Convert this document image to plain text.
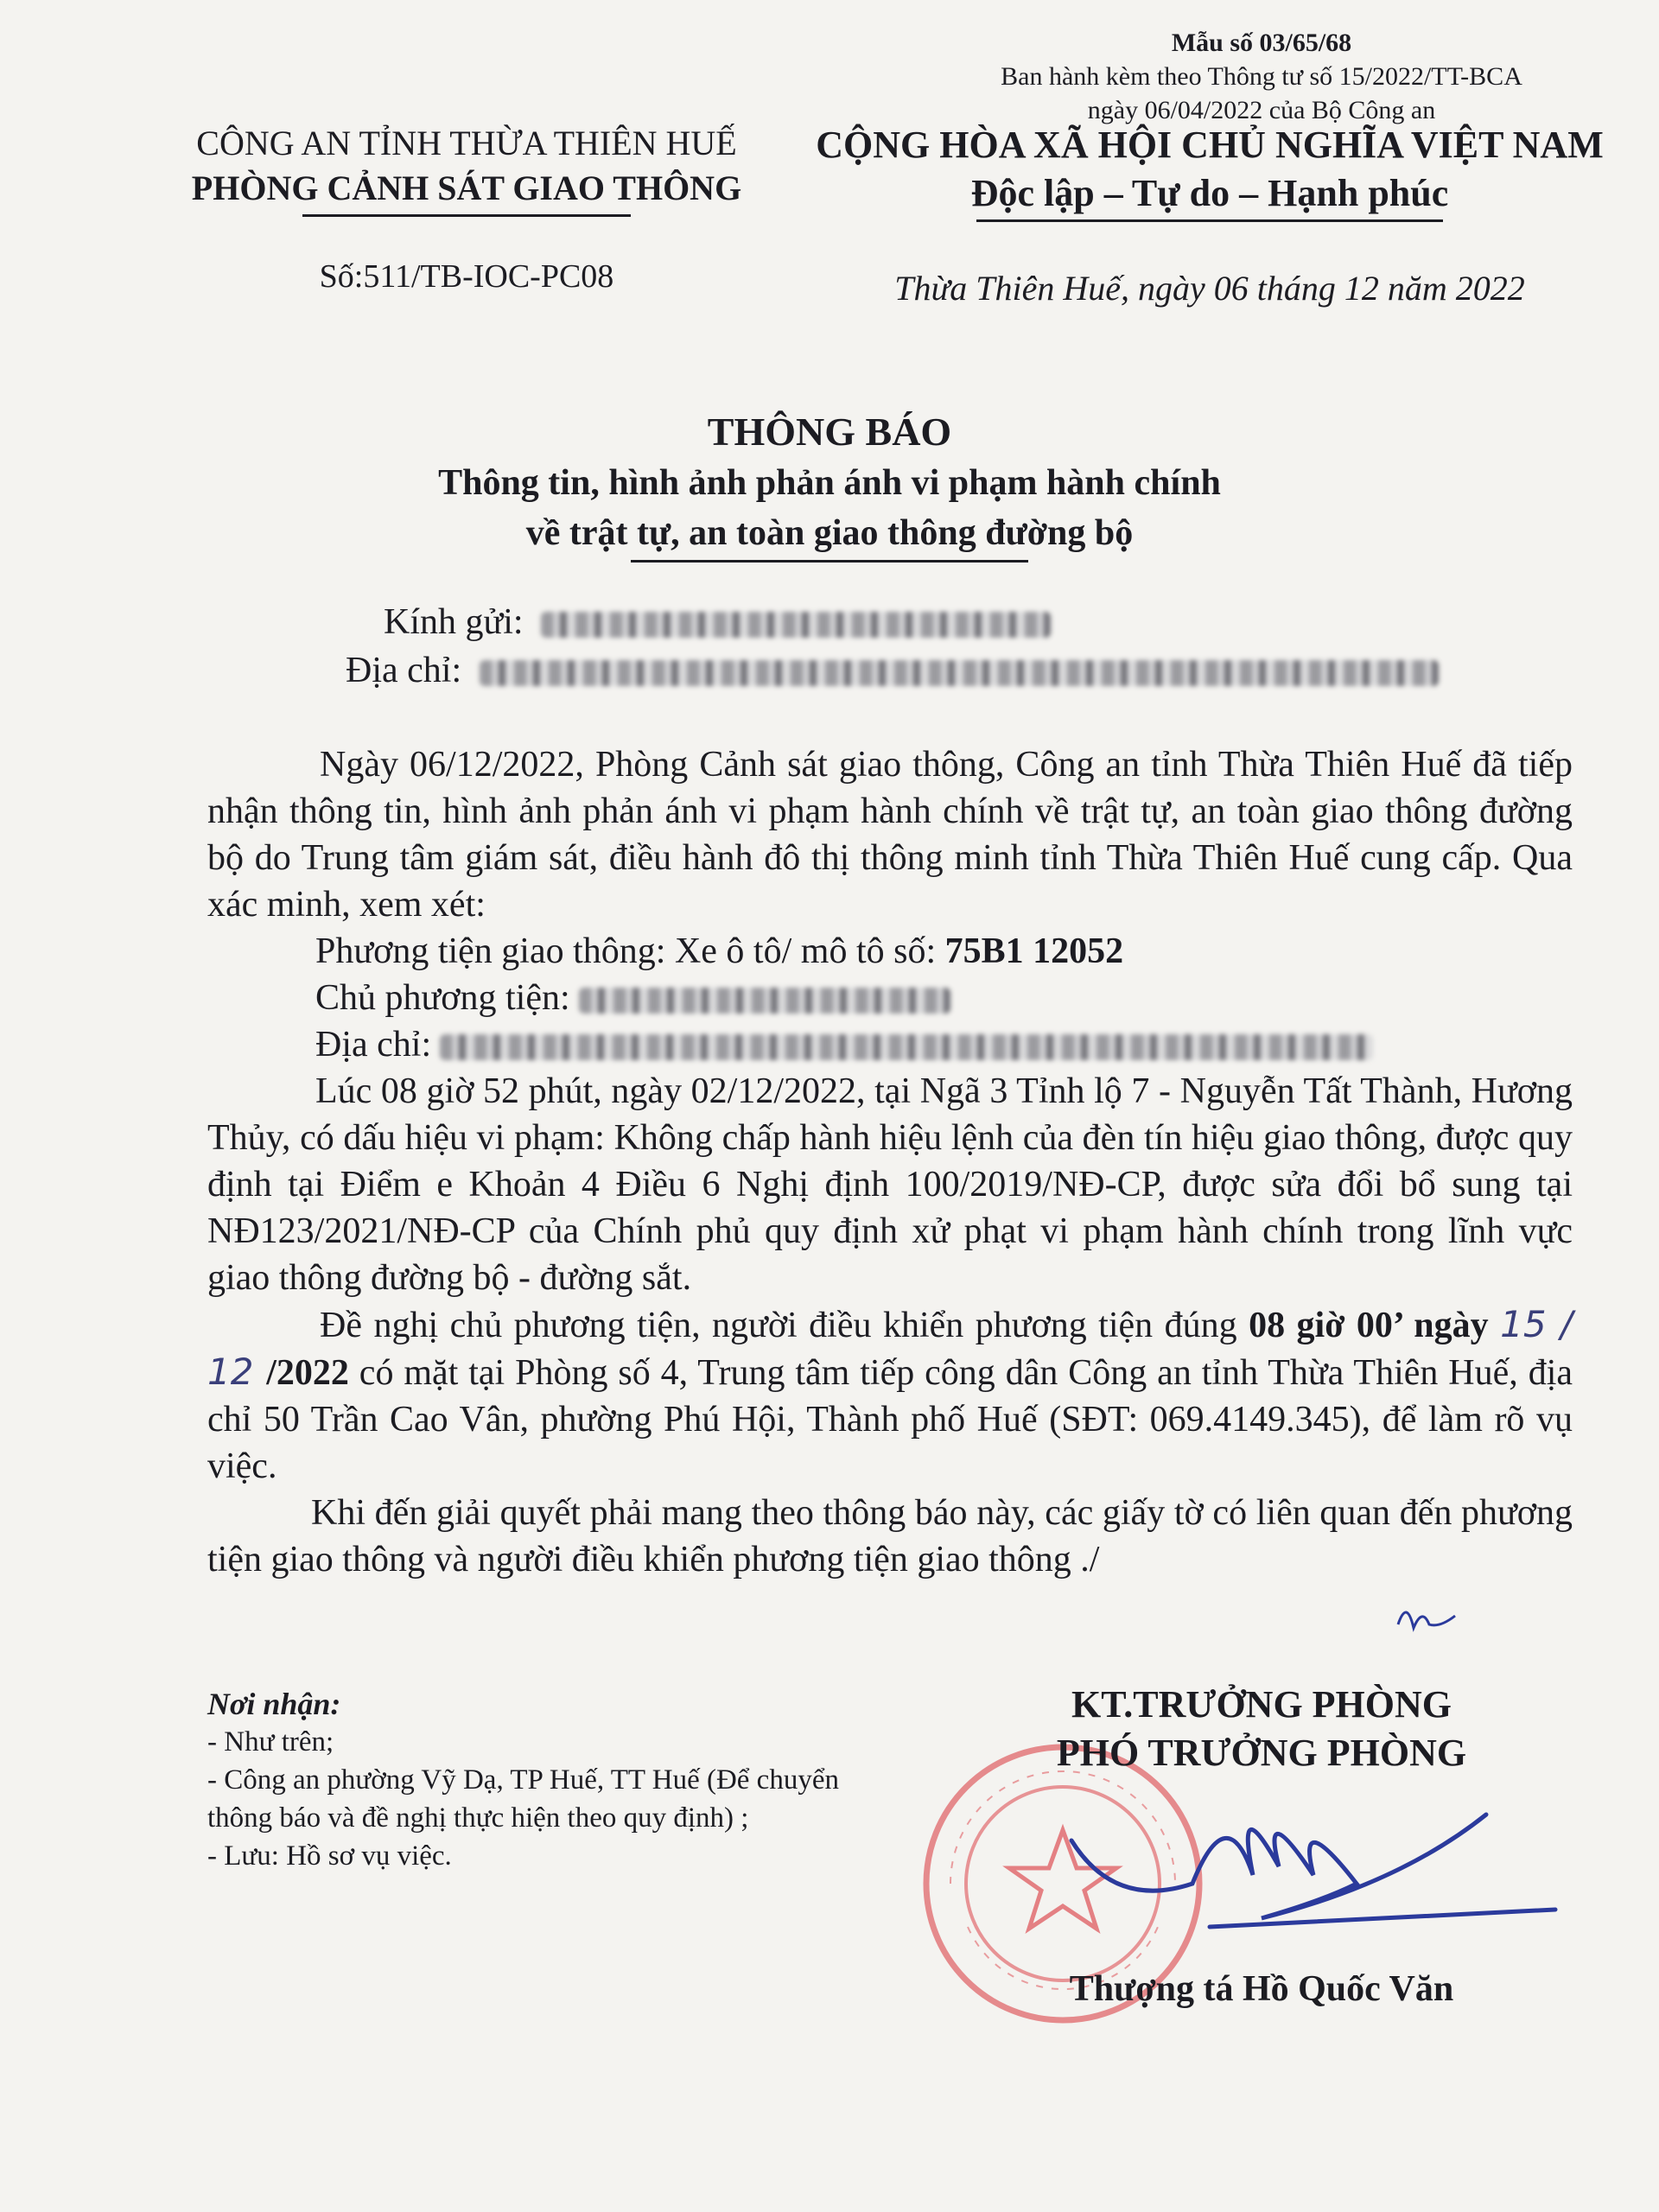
Mẫu số 03/65/68
Ban hành kèm theo Thông tư số 15/2022/TT-BCA
ngày 06/04/2022 của Bộ Công an
CÔNG AN TỈNH THỪA THIÊN HUẾ
PHÒNG CẢNH SÁT GIAO THÔNG
Số:511/TB-IOC-PC08
CỘNG HÒA XÃ HỘI CHỦ NGHĨA VIỆT NAM
Độc lập – Tự do – Hạnh phúc
Thừa Thiên Huế, ngày 06 tháng 12 năm 2022
THÔNG BÁO
Thông tin, hình ảnh phản ánh vi phạm hành chính
về trật tự, an toàn giao thông đường bộ
Kính gửi:
Địa chỉ:

Ngày 06/12/2022, Phòng Cảnh sát giao thông, Công an tỉnh Thừa Thiên Huế đã tiếp nhận thông tin, hình ảnh phản ánh vi phạm hành chính về trật tự, an toàn giao thông đường bộ do Trung tâm giám sát, điều hành đô thị thông minh tỉnh Thừa Thiên Huế cung cấp. Qua xác minh, xem xét:

Phương tiện giao thông: Xe ô tô/ mô tô số: 75B1 12052

Chủ phương tiện:

Địa chỉ:

Lúc 08 giờ 52 phút, ngày 02/12/2022, tại Ngã 3 Tỉnh lộ 7 - Nguyễn Tất Thành, Hương Thủy, có dấu hiệu vi phạm: Không chấp hành hiệu lệnh của đèn tín hiệu giao thông, được quy định tại Điểm e Khoản 4 Điều 6 Nghị định 100/2019/NĐ-CP, được sửa đổi bổ sung tại NĐ123/2021/NĐ-CP của Chính phủ quy định xử phạt vi phạm hành chính trong lĩnh vực giao thông đường bộ - đường sắt.

Đề nghị chủ phương tiện, người điều khiển phương tiện đúng 08 giờ 00’ ngày 15 / 12 /2022 có mặt tại Phòng số 4, Trung tâm tiếp công dân Công an tỉnh Thừa Thiên Huế, địa chỉ 50 Trần Cao Vân, phường Phú Hội, Thành phố Huế (SĐT: 069.4149.345), để làm rõ vụ việc.

Khi đến giải quyết phải mang theo thông báo này, các giấy tờ có liên quan đến phương tiện giao thông và người điều khiển phương tiện giao thông ./

Nơi nhận:
- Như trên;
- Công an phường Vỹ Dạ, TP Huế, TT Huế (Để chuyển thông báo và đề nghị thực hiện theo quy định) ;
- Lưu: Hồ sơ vụ việc.
KT.TRƯỞNG PHÒNG
PHÓ TRƯỞNG PHÒNG
Thượng tá Hồ Quốc Văn
